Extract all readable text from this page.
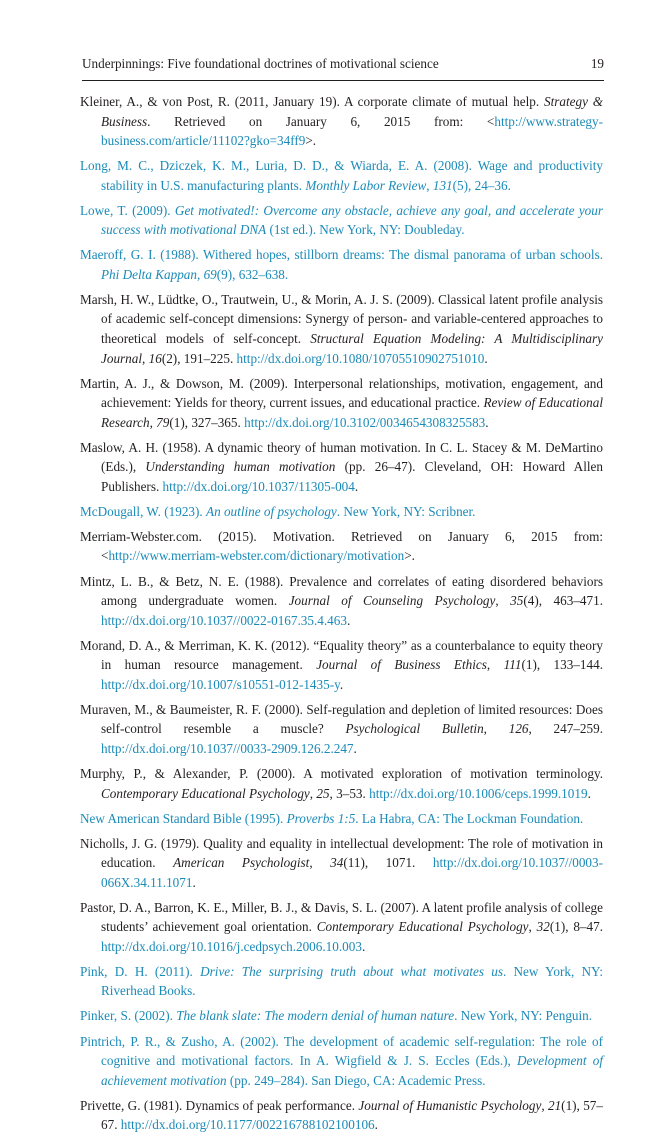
Underpinnings: Five foundational doctrines of motivational science	19
Kleiner, A., & von Post, R. (2011, January 19). A corporate climate of mutual help. Strategy & Business. Retrieved on January 6, 2015 from: <http://www.strategy-business.com/article/11102?gko=34ff9>.
Long, M. C., Dziczek, K. M., Luria, D. D., & Wiarda, E. A. (2008). Wage and productivity stability in U.S. manufacturing plants. Monthly Labor Review, 131(5), 24–36.
Lowe, T. (2009). Get motivated!: Overcome any obstacle, achieve any goal, and accelerate your success with motivational DNA (1st ed.). New York, NY: Doubleday.
Maeroff, G. I. (1988). Withered hopes, stillborn dreams: The dismal panorama of urban schools. Phi Delta Kappan, 69(9), 632–638.
Marsh, H. W., Lüdtke, O., Trautwein, U., & Morin, A. J. S. (2009). Classical latent profile analysis of academic self-concept dimensions: Synergy of person- and variable-centered approaches to theoretical models of self-concept. Structural Equation Modeling: A Multidisciplinary Journal, 16(2), 191–225. http://dx.doi.org/10.1080/10705510902751010.
Martin, A. J., & Dowson, M. (2009). Interpersonal relationships, motivation, engagement, and achievement: Yields for theory, current issues, and educational practice. Review of Educational Research, 79(1), 327–365. http://dx.doi.org/10.3102/0034654308325583.
Maslow, A. H. (1958). A dynamic theory of human motivation. In C. L. Stacey & M. DeMartino (Eds.), Understanding human motivation (pp. 26–47). Cleveland, OH: Howard Allen Publishers. http://dx.doi.org/10.1037/11305-004.
McDougall, W. (1923). An outline of psychology. New York, NY: Scribner.
Merriam-Webster.com. (2015). Motivation. Retrieved on January 6, 2015 from: <http://www.merriam-webster.com/dictionary/motivation>.
Mintz, L. B., & Betz, N. E. (1988). Prevalence and correlates of eating disordered behaviors among undergraduate women. Journal of Counseling Psychology, 35(4), 463–471. http://dx.doi.org/10.1037//0022-0167.35.4.463.
Morand, D. A., & Merriman, K. K. (2012). “Equality theory” as a counterbalance to equity theory in human resource management. Journal of Business Ethics, 111(1), 133–144. http://dx.doi.org/10.1007/s10551-012-1435-y.
Muraven, M., & Baumeister, R. F. (2000). Self-regulation and depletion of limited resources: Does self-control resemble a muscle? Psychological Bulletin, 126, 247–259. http://dx.doi.org/10.1037//0033-2909.126.2.247.
Murphy, P., & Alexander, P. (2000). A motivated exploration of motivation terminology. Contemporary Educational Psychology, 25, 3–53. http://dx.doi.org/10.1006/ceps.1999.1019.
New American Standard Bible (1995). Proverbs 1:5. La Habra, CA: The Lockman Foundation.
Nicholls, J. G. (1979). Quality and equality in intellectual development: The role of motivation in education. American Psychologist, 34(11), 1071. http://dx.doi.org/10.1037//0003-066X.34.11.1071.
Pastor, D. A., Barron, K. E., Miller, B. J., & Davis, S. L. (2007). A latent profile analysis of college students’ achievement goal orientation. Contemporary Educational Psychology, 32(1), 8–47. http://dx.doi.org/10.1016/j.cedpsych.2006.10.003.
Pink, D. H. (2011). Drive: The surprising truth about what motivates us. New York, NY: Riverhead Books.
Pinker, S. (2002). The blank slate: The modern denial of human nature. New York, NY: Penguin.
Pintrich, P. R., & Zusho, A. (2002). The development of academic self-regulation: The role of cognitive and motivational factors. In A. Wigfield & J. S. Eccles (Eds.), Development of achievement motivation (pp. 249–284). San Diego, CA: Academic Press.
Privette, G. (1981). Dynamics of peak performance. Journal of Humanistic Psychology, 21(1), 57–67. http://dx.doi.org/10.1177/002216788102100106.
